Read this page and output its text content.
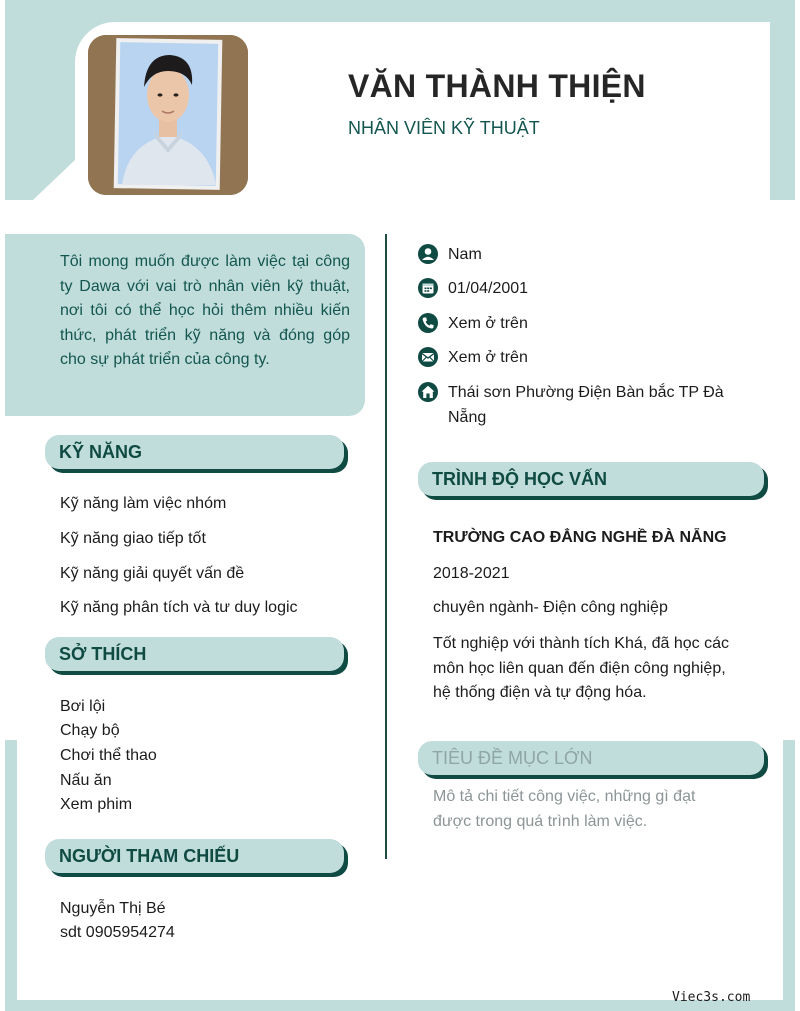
VĂN THÀNH THIỆN
NHÂN VIÊN KỸ THUẬT

Tôi mong muốn được làm việc tại công ty Dawa với vai trò nhân viên kỹ thuật, nơi tôi có thể học hỏi thêm nhiều kiến thức, phát triển kỹ năng và đóng góp cho sự phát triển của công ty.

Nam
01/04/2001
Xem ở trên
Xem ở trên
Thái sơn Phường Điện Bàn bắc TP Đà Nẵng
KỸ NĂNG
Kỹ năng làm việc nhóm
Kỹ năng giao tiếp tốt
Kỹ năng giải quyết vấn đề
Kỹ năng phân tích và tư duy logic
SỞ THÍCH
Bơi lội
Chạy bộ
Chơi thể thao
Nấu ăn
Xem phim
NGƯỜI THAM CHIẾU
Nguyễn Thị Bé
sdt 0905954274
TRÌNH ĐỘ HỌC VẤN
TRƯỜNG CAO ĐẲNG NGHỀ ĐÀ NẴNG
2018-2021
chuyên ngành- Điện công nghiệp
Tốt nghiệp với thành tích Khá, đã học các môn học liên quan đến điện công nghiệp, hệ thống điện và tự động hóa.
TIÊU ĐỀ MỤC LỚN
Mô tả chi tiết công việc, những gì đạt được trong quá trình làm việc.
Viec3s.com
